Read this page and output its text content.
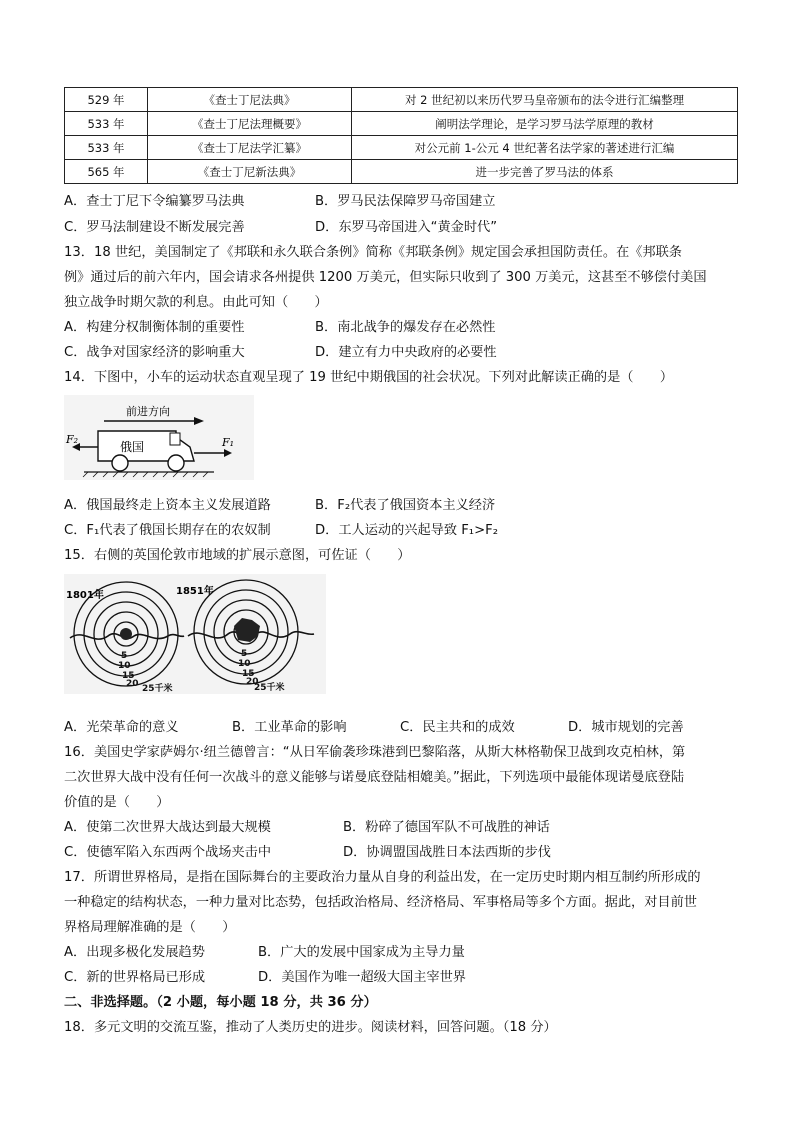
529 年	《查士丁尼法典》	对 2 世纪初以来历代罗马皇帝颁布的法令进行汇编整理
533 年	《查士丁尼法理概要》	阐明法学理论，是学习罗马法学原理的教材
533 年	《查士丁尼法学汇纂》	对公元前 1-公元 4 世纪著名法学家的著述进行汇编
565 年	《查士丁尼新法典》	进一步完善了罗马法的体系
A．查士丁尼下令编纂罗马法典	B．罗马民法保障罗马帝国建立
C．罗马法制建设不断发展完善	D．东罗马帝国进入“黄金时代”
13．18 世纪，美国制定了《邦联和永久联合条例》简称《邦联条例》规定国会承担国防责任。在《邦联条
例》通过后的前六年内，国会请求各州提供 1200 万美元，但实际只收到了 300 万美元，这甚至不够偿付美国
独立战争时期欠款的利息。由此可知（　　）
A．构建分权制衡体制的重要性	B．南北战争的爆发存在必然性
C．战争对国家经济的影响重大	D．建立有力中央政府的必要性
14．下图中，小车的运动状态直观呈现了 19 世纪中期俄国的社会状况。下列对此解读正确的是（　　）
前进方向
俄国
F₂	F₁
A．俄国最终走上资本主义发展道路	B．F₂代表了俄国资本主义经济
C．F₁代表了俄国长期存在的农奴制	D．工人运动的兴起导致 F₁>F₂
15．右侧的英国伦敦市地域的扩展示意图，可佐证（　　）
1801年
5
10
15
20 25千米
1851年
5
10
15
20
25千米
A．光荣革命的意义	B．工业革命的影响	C．民主共和的成效	D．城市规划的完善
16．美国史学家萨姆尔·纽兰德曾言：“从日军偷袭珍珠港到巴黎陷落，从斯大林格勒保卫战到攻克柏林，第
二次世界大战中没有任何一次战斗的意义能够与诺曼底登陆相媲美。”据此，下列选项中最能体现诺曼底登陆
价值的是（　　）
A．使第二次世界大战达到最大规模	B．粉碎了德国军队不可战胜的神话
C．使德军陷入东西两个战场夹击中	D．协调盟国战胜日本法西斯的步伐
17．所谓世界格局，是指在国际舞台的主要政治力量从自身的利益出发，在一定历史时期内相互制约所形成的
一种稳定的结构状态，一种力量对比态势，包括政治格局、经济格局、军事格局等多个方面。据此，对目前世
界格局理解准确的是（　　）
A．出现多极化发展趋势	B．广大的发展中国家成为主导力量
C．新的世界格局已形成	D．美国作为唯一超级大国主宰世界
二、非选择题。（2 小题，每小题 18 分，共 36 分）
18．多元文明的交流互鉴，推动了人类历史的进步。阅读材料，回答问题。（18 分）
